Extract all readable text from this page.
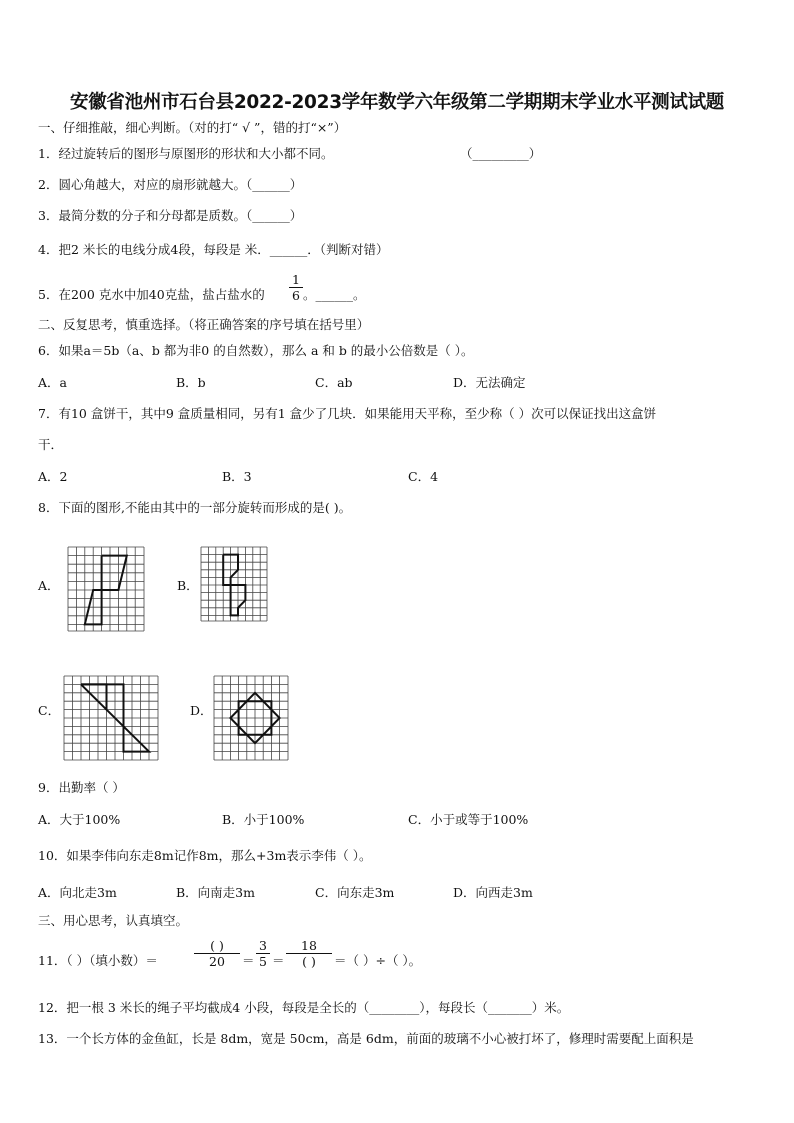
安徽省池州市石台县2022-2023学年数学六年级第二学期期末学业水平测试试题
一、仔细推敲，细心判断。（对的打“ √ ”，错的打“×”）
1．经过旋转后的图形与原图形的形状和大小都不同。	（_________）
2．圆心角越大，对应的扇形就越大。（______）
3．最简分数的分子和分母都是质数。（______）
4．把2 米长的电线分成4段，每段是 米．______．（判断对错）
5．在200 克水中加40克盐，盐占盐水的
1
6 。______。
二、反复思考，慎重选择。（将正确答案的序号填在括号里）
6．如果a＝5b（a、b 都为非0 的自然数），那么 a 和 b 的最小公倍数是（ ）。
A．a	B．b	C．ab	D．无法确定
7．有10 盒饼干，其中9 盒质量相同，另有1 盒少了几块．如果能用天平称，至少称（ ）次可以保证找出这盒饼
干．
A．2	B．3	C．4
8．下面的图形,不能由其中的一部分旋转而形成的是( )。
A．	B．
C．	D．
9．出勤率（ ）
A．大于100%	B．小于100%	C．小于或等于100%
10．如果李伟向东走8m记作8m，那么+3m表示李伟（ ）。
A．向北走3m	B．向南走3m	C．向东走3m	D．向西走3m
三、用心思考，认真填空。
11．（ ）（填小数）＝
( )
20	＝
3
5 ＝
18
( )	＝（ ）÷（ ）。
12．把一根 3 米长的绳子平均截成4 小段，每段是全长的（________），每段长（_______）米。
13．一个长方体的金鱼缸，长是 8dm，宽是 50cm，高是 6dm，前面的玻璃不小心被打坏了，修理时需要配上面积是
